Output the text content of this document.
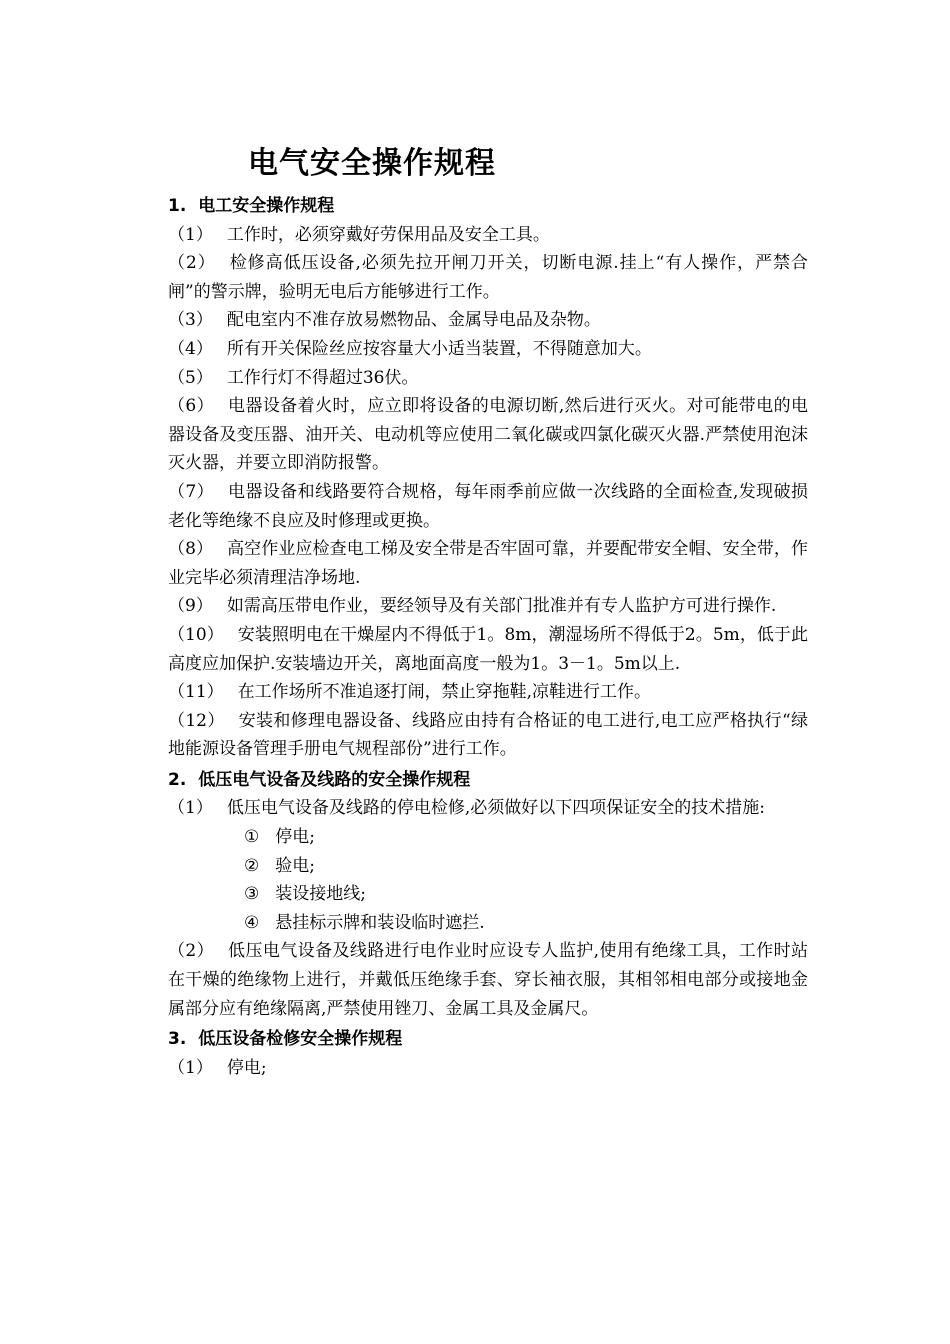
电气安全操作规程
1. 电工安全操作规程
（1） 工作时，必须穿戴好劳保用品及安全工具。
（2） 检修高低压设备,必须先拉开闸刀开关，切断电源.挂上“有人操作，严禁合闸”的警示牌，验明无电后方能够进行工作。
（3） 配电室内不准存放易燃物品、金属导电品及杂物。
（4） 所有开关保险丝应按容量大小适当装置，不得随意加大。
（5） 工作行灯不得超过36伏。
（6） 电器设备着火时，应立即将设备的电源切断,然后进行灭火。对可能带电的电器设备及变压器、油开关、电动机等应使用二氧化碳或四氯化碳灭火器.严禁使用泡沫灭火器，并要立即消防报警。
（7） 电器设备和线路要符合规格，每年雨季前应做一次线路的全面检查,发现破损老化等绝缘不良应及时修理或更换。
（8） 高空作业应检查电工梯及安全带是否牢固可靠，并要配带安全帽、安全带，作业完毕必须清理洁净场地.
（9） 如需高压带电作业，要经领导及有关部门批准并有专人监护方可进行操作.
（10） 安装照明电在干燥屋内不得低于1。8m，潮湿场所不得低于2。5m，低于此高度应加保护.安装墙边开关，离地面高度一般为1。3－1。5m以上.
（11） 在工作场所不准追逐打闹，禁止穿拖鞋,凉鞋进行工作。
（12） 安装和修理电器设备、线路应由持有合格证的电工进行,电工应严格执行“绿地能源设备管理手册电气规程部份”进行工作。
2. 低压电气设备及线路的安全操作规程
（1） 低压电气设备及线路的停电检修,必须做好以下四项保证安全的技术措施:
① 停电;
② 验电;
③ 装设接地线;
④ 悬挂标示牌和装设临时遮拦.
（2） 低压电气设备及线路进行电作业时应设专人监护,使用有绝缘工具，工作时站在干燥的绝缘物上进行，并戴低压绝缘手套、穿长袖衣服，其相邻相电部分或接地金属部分应有绝缘隔离,严禁使用锉刀、金属工具及金属尺。
3. 低压设备检修安全操作规程
（1） 停电;
